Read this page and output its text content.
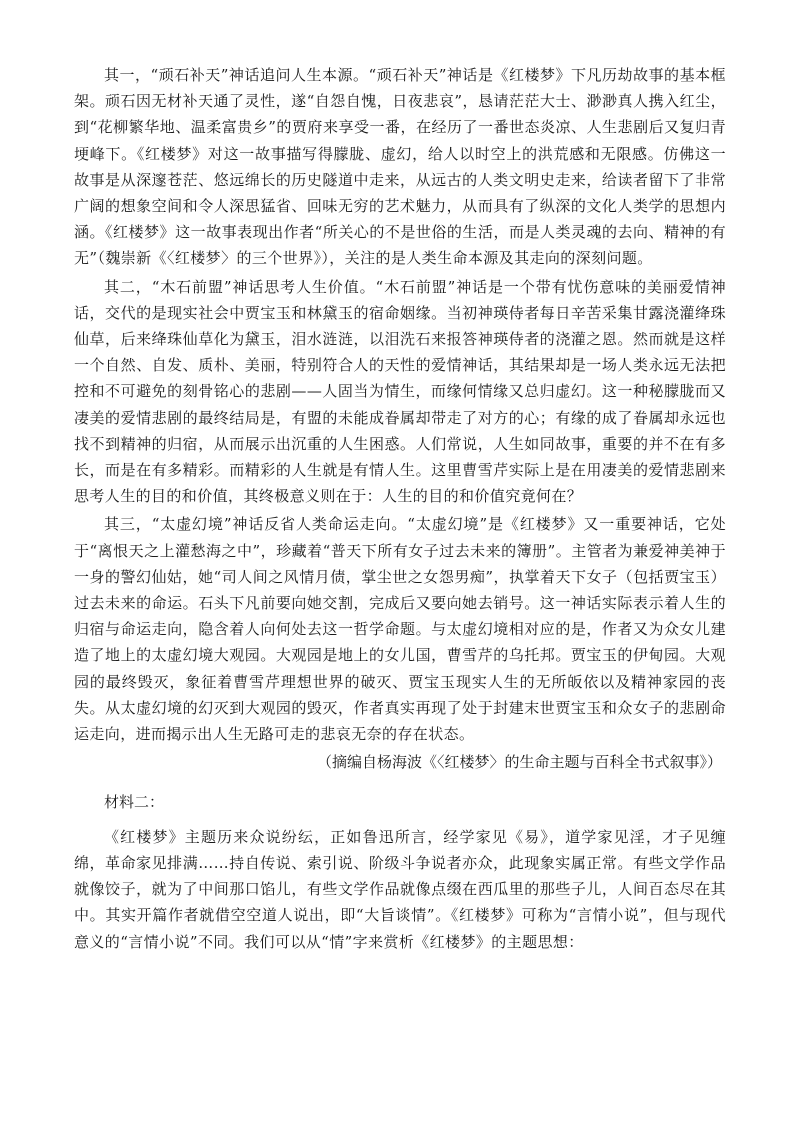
其一，“顽石补天”神话追问人生本源。“顽石补天”神话是《红楼梦》下凡历劫故事的基本框架。顽石因无材补天通了灵性，遂“自怨自愧，日夜悲哀”，恳请茫茫大士、渺渺真人携入红尘，到“花柳繁华地、温柔富贵乡”的贾府来享受一番，在经历了一番世态炎凉、人生悲剧后又复归青埂峰下。《红楼梦》对这一故事描写得朦胧、虚幻，给人以时空上的洪荒感和无限感。仿佛这一故事是从深邃苍茫、悠远绵长的历史隧道中走来，从远古的人类文明史走来，给读者留下了非常广阔的想象空间和令人深思猛省、回味无穷的艺术魅力，从而具有了纵深的文化人类学的思想内涵。《红楼梦》这一故事表现出作者“所关心的不是世俗的生活，而是人类灵魂的去向、精神的有无”（魏崇新《〈红楼梦〉的三个世界》），关注的是人类生命本源及其走向的深刻问题。

其二，“木石前盟”神话思考人生价值。“木石前盟”神话是一个带有忧伤意味的美丽爱情神话，交代的是现实社会中贾宝玉和林黛玉的宿命姻缘。当初神瑛侍者每日辛苦采集甘露浇灌绛珠仙草，后来绛珠仙草化为黛玉，泪水涟涟，以泪洗石来报答神瑛侍者的浇灌之恩。然而就是这样一个自然、自发、质朴、美丽，特别符合人的天性的爱情神话，其结果却是一场人类永远无法把控和不可避免的刻骨铭心的悲剧——人固当为情生，而缘何情缘又总归虚幻。这一种秘朦胧而又凄美的爱情悲剧的最终结局是，有盟的未能成眷属却带走了对方的心；有缘的成了眷属却永远也找不到精神的归宿，从而展示出沉重的人生困惑。人们常说，人生如同故事，重要的并不在有多长，而是在有多精彩。而精彩的人生就是有情人生。这里曹雪芹实际上是在用凄美的爱情悲剧来思考人生的目的和价值，其终极意义则在于：人生的目的和价值究竟何在？

其三，“太虚幻境”神话反省人类命运走向。“太虚幻境”是《红楼梦》又一重要神话，它处于“离恨天之上灌愁海之中”，珍藏着“普天下所有女子过去未来的簿册”。主管者为兼爱神美神于一身的警幻仙姑，她“司人间之风情月债，掌尘世之女怨男痴”，执掌着天下女子（包括贾宝玉）过去未来的命运。石头下凡前要向她交割，完成后又要向她去销号。这一神话实际表示着人生的归宿与命运走向，隐含着人向何处去这一哲学命题。与太虚幻境相对应的是，作者又为众女儿建造了地上的太虚幻境大观园。大观园是地上的女儿国，曹雪芹的乌托邦。贾宝玉的伊甸园。大观园的最终毁灭，象征着曹雪芹理想世界的破灭、贾宝玉现实人生的无所皈依以及精神家园的丧失。从太虚幻境的幻灭到大观园的毁灭，作者真实再现了处于封建末世贾宝玉和众女子的悲剧命运走向，进而揭示出人生无路可走的悲哀无奈的存在状态。

（摘编自杨海波《〈红楼梦〉的生命主题与百科全书式叙事》）
材料二：

《红楼梦》主题历来众说纷纭，正如鲁迅所言，经学家见《易》，道学家见淫，才子见缠绵，革命家见排满……持自传说、索引说、阶级斗争说者亦众，此现象实属正常。有些文学作品就像饺子，就为了中间那口馅儿，有些文学作品就像点缀在西瓜里的那些子儿，人间百态尽在其中。其实开篇作者就借空空道人说出，即“大旨谈情”。《红楼梦》可称为“言情小说”，但与现代意义的“言情小说”不同。我们可以从“情”字来赏析《红楼梦》的主题思想：
